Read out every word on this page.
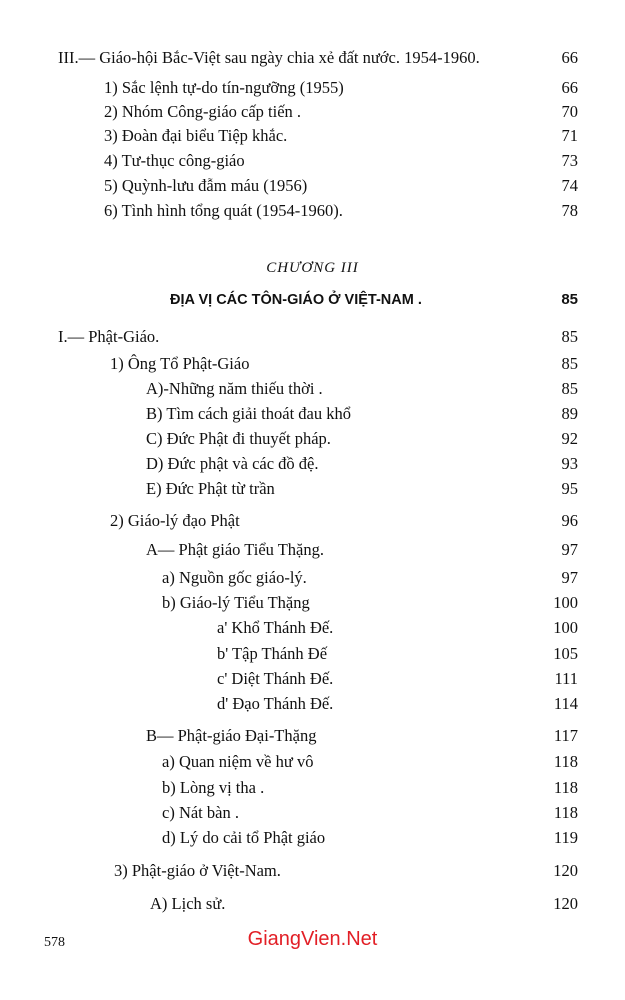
III.— Giáo-hội Bắc-Việt sau ngày chia xẻ đất nước. 1954-1960.	66
1) Sắc lệnh tự-do tín-ngưỡng (1955)	66
2) Nhóm Công-giáo cấp tiến .	70
3) Đoàn đại biểu Tiệp khắc.	71
4) Tư-thục công-giáo	73
5) Quỳnh-lưu đẫm máu (1956)	74
6) Tình hình tổng quát (1954-1960).	78
CHƯƠNG III
ĐỊA VỊ CÁC TÔN-GIÁO Ở VIỆT-NAM .	85
I.— Phật-Giáo.	85
1) Ông Tổ Phật-Giáo	85
A)-Những năm thiếu thời .	85
B) Tìm cách giải thoát đau khổ	89
C) Đức Phật đi thuyết pháp.	92
D) Đức phật và các đồ đệ.	93
E) Đức Phật từ trần	95
2) Giáo-lý đạo Phật	96
A— Phật giáo Tiểu Thặng.	97
a) Nguồn gốc giáo-lý.	97
b) Giáo-lý Tiểu Thặng	100
a' Khổ Thánh Đế.	100
b' Tập Thánh Đế	105
c' Diệt Thánh Đế.	111
d' Đạo Thánh Đế.	114
B— Phật-giáo Đại-Thặng	117
a) Quan niệm về hư vô	118
b) Lòng vị tha .	118
c) Nát bàn .	118
d) Lý do cải tổ Phật giáo	119
3) Phật-giáo ở Việt-Nam.	120
A) Lịch sử.	120
578	GiangVien.Net
